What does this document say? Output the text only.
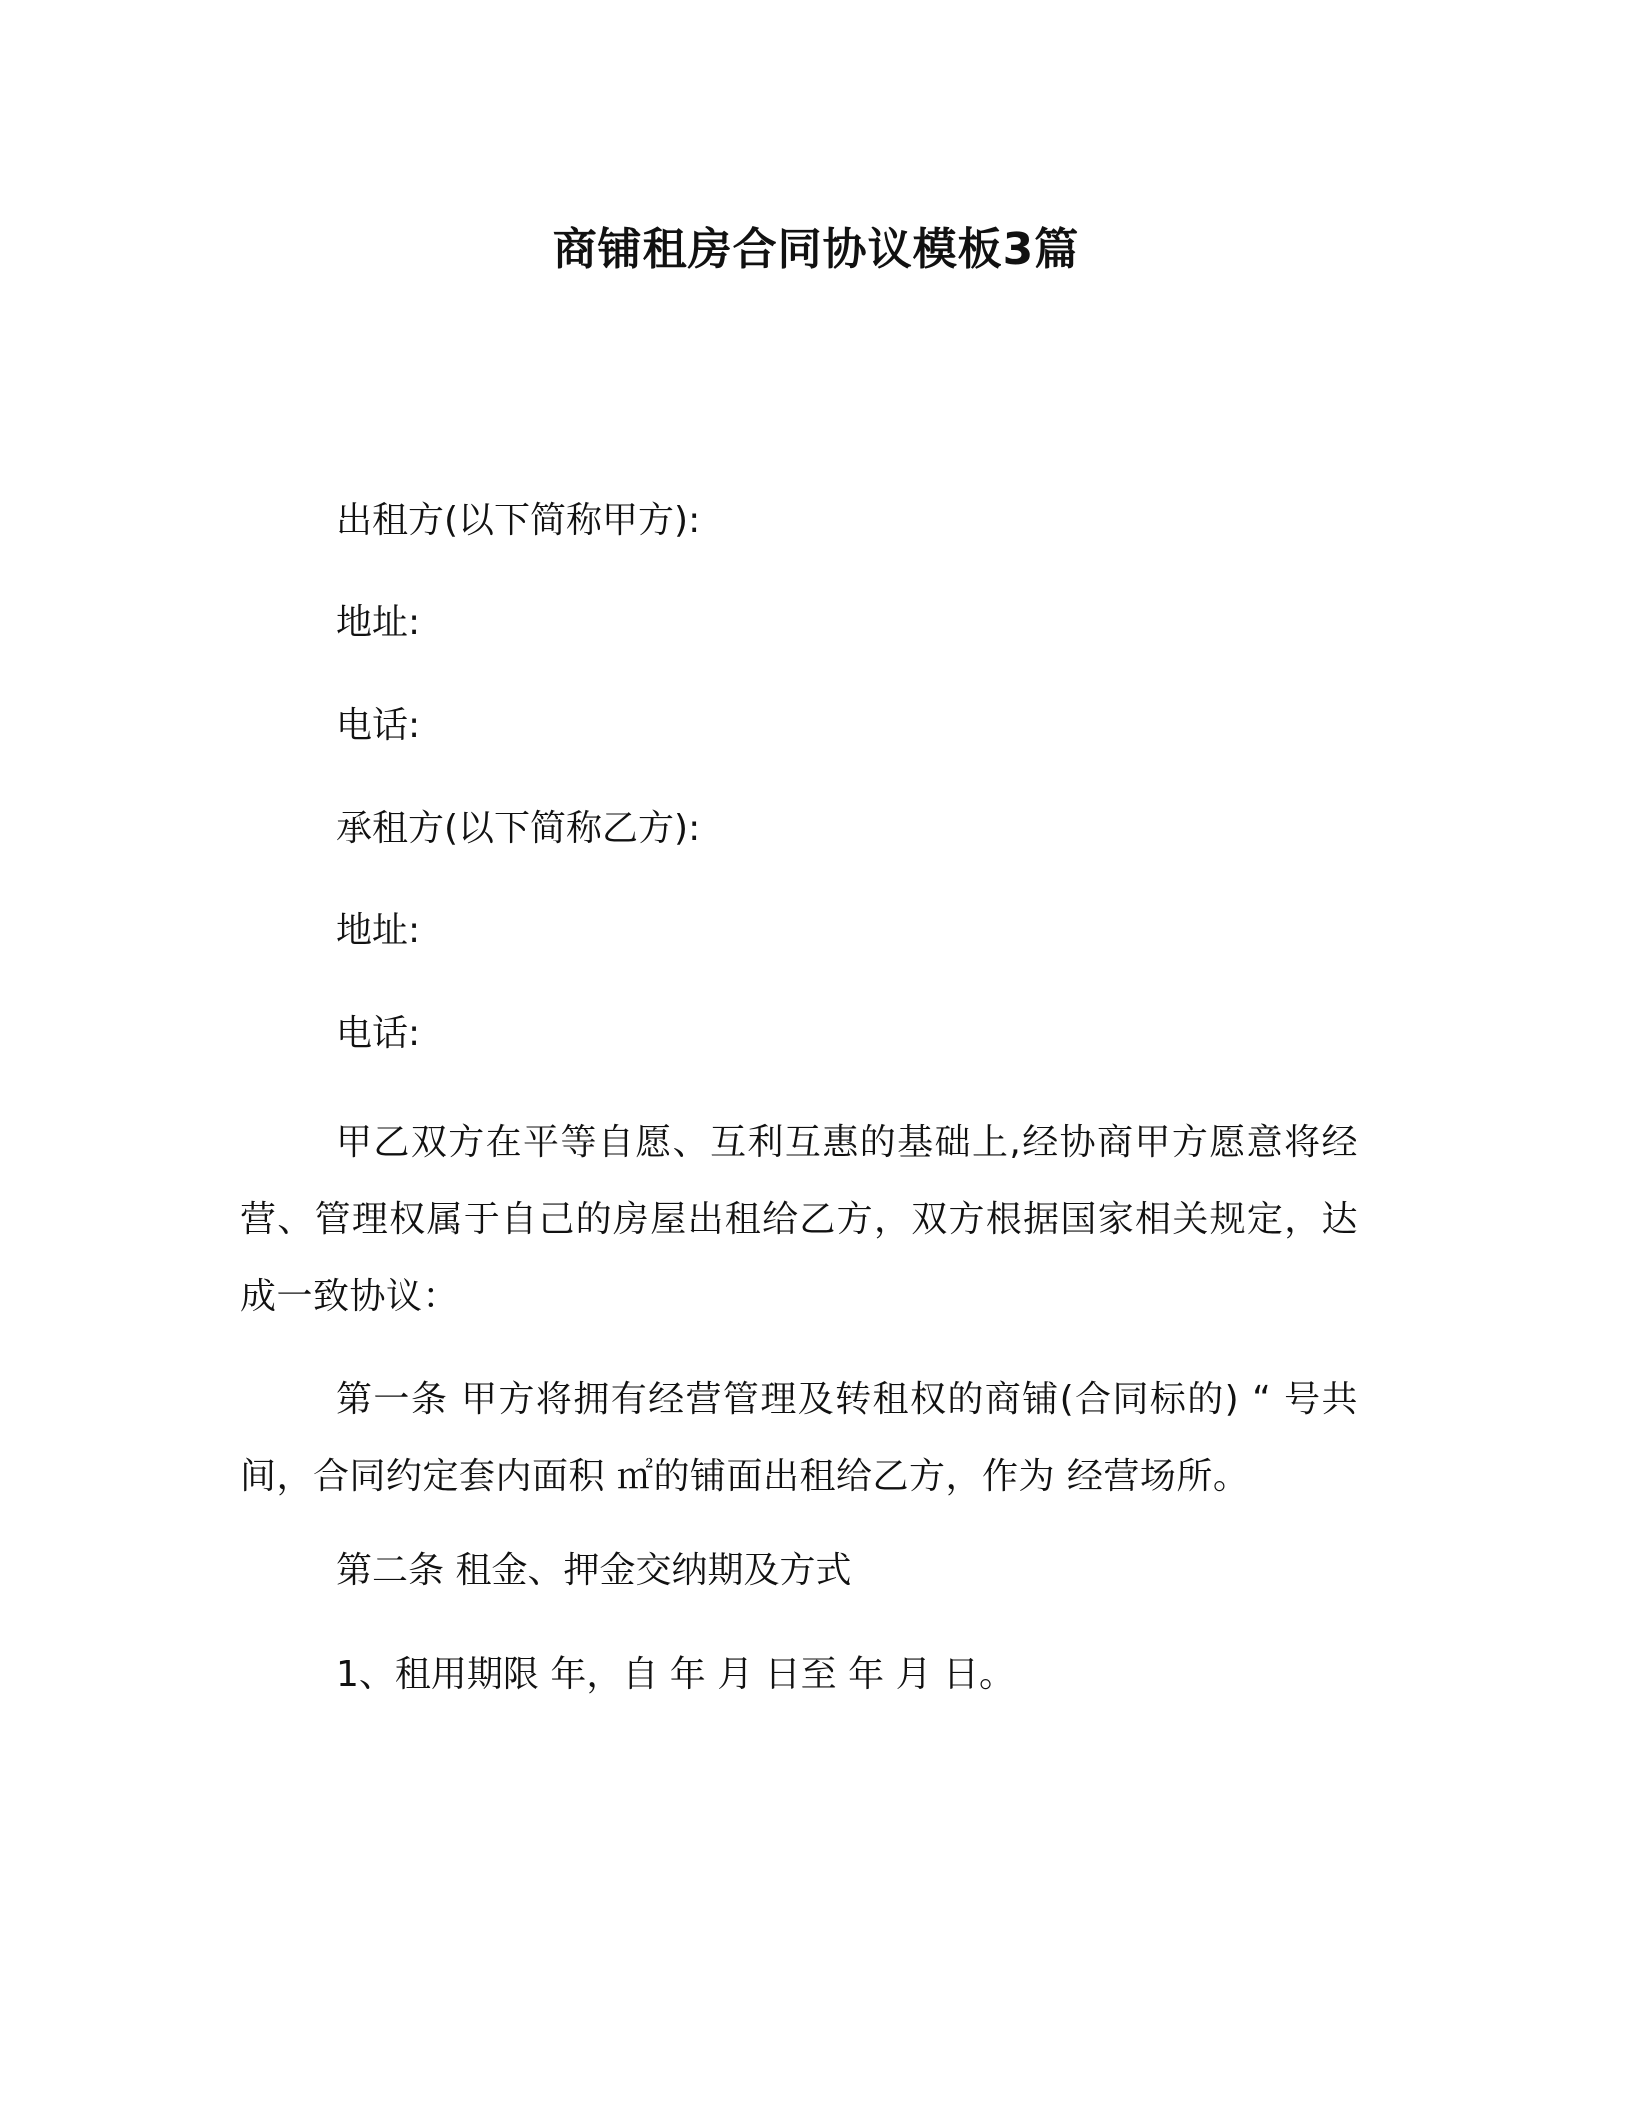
商铺租房合同协议模板3篇
出租方(以下简称甲方):
地址:
电话:
承租方(以下简称乙方):
地址:
电话:
甲乙双方在平等自愿、互利互惠的基础上,经协商甲方愿意将经营、管理权属于自己的房屋出租给乙方，双方根据国家相关规定，达成一致协议：
第一条 甲方将拥有经营管理及转租权的商铺(合同标的) “ 号共间，合同约定套内面积 ㎡的铺面出租给乙方，作为 经营场所。
第二条 租金、押金交纳期及方式
1、租用期限 年，自 年 月 日至 年 月 日。
